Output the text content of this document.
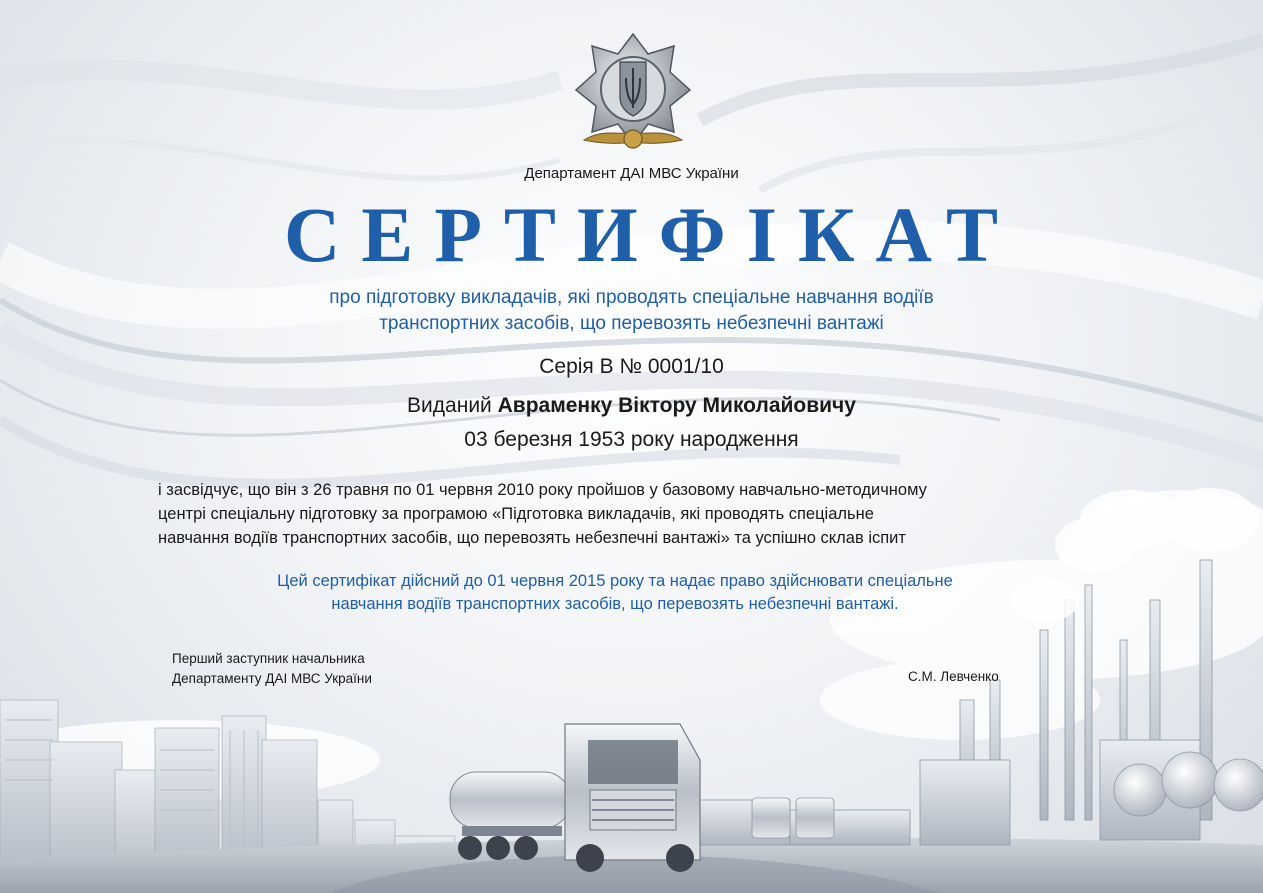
Департамент ДАІ МВС України
СЕРТИФІКАТ
про підготовку викладачів, які проводять спеціальне навчання водіїв
транспортних засобів, що перевозять небезпечні вантажі
Серія В № 0001/10
Виданий Авраменку Віктору Миколайовичу
03 березня 1953 року народження
і засвідчує, що він з 26 травня по 01 червня 2010 року пройшов у базовому навчально-методичному
центрі спеціальну підготовку за програмою «Підготовка викладачів, які проводять спеціальне
навчання водіїв транспортних засобів, що перевозять небезпечні вантажі» та успішно склав іспит
Цей сертифікат дійсний до 01 червня 2015 року та надає право здійснювати спеціальне
навчання водіїв транспортних засобів, що перевозять небезпечні вантажі.
Перший заступник начальника
Департаменту ДАІ МВС України	С.М. Левченко
